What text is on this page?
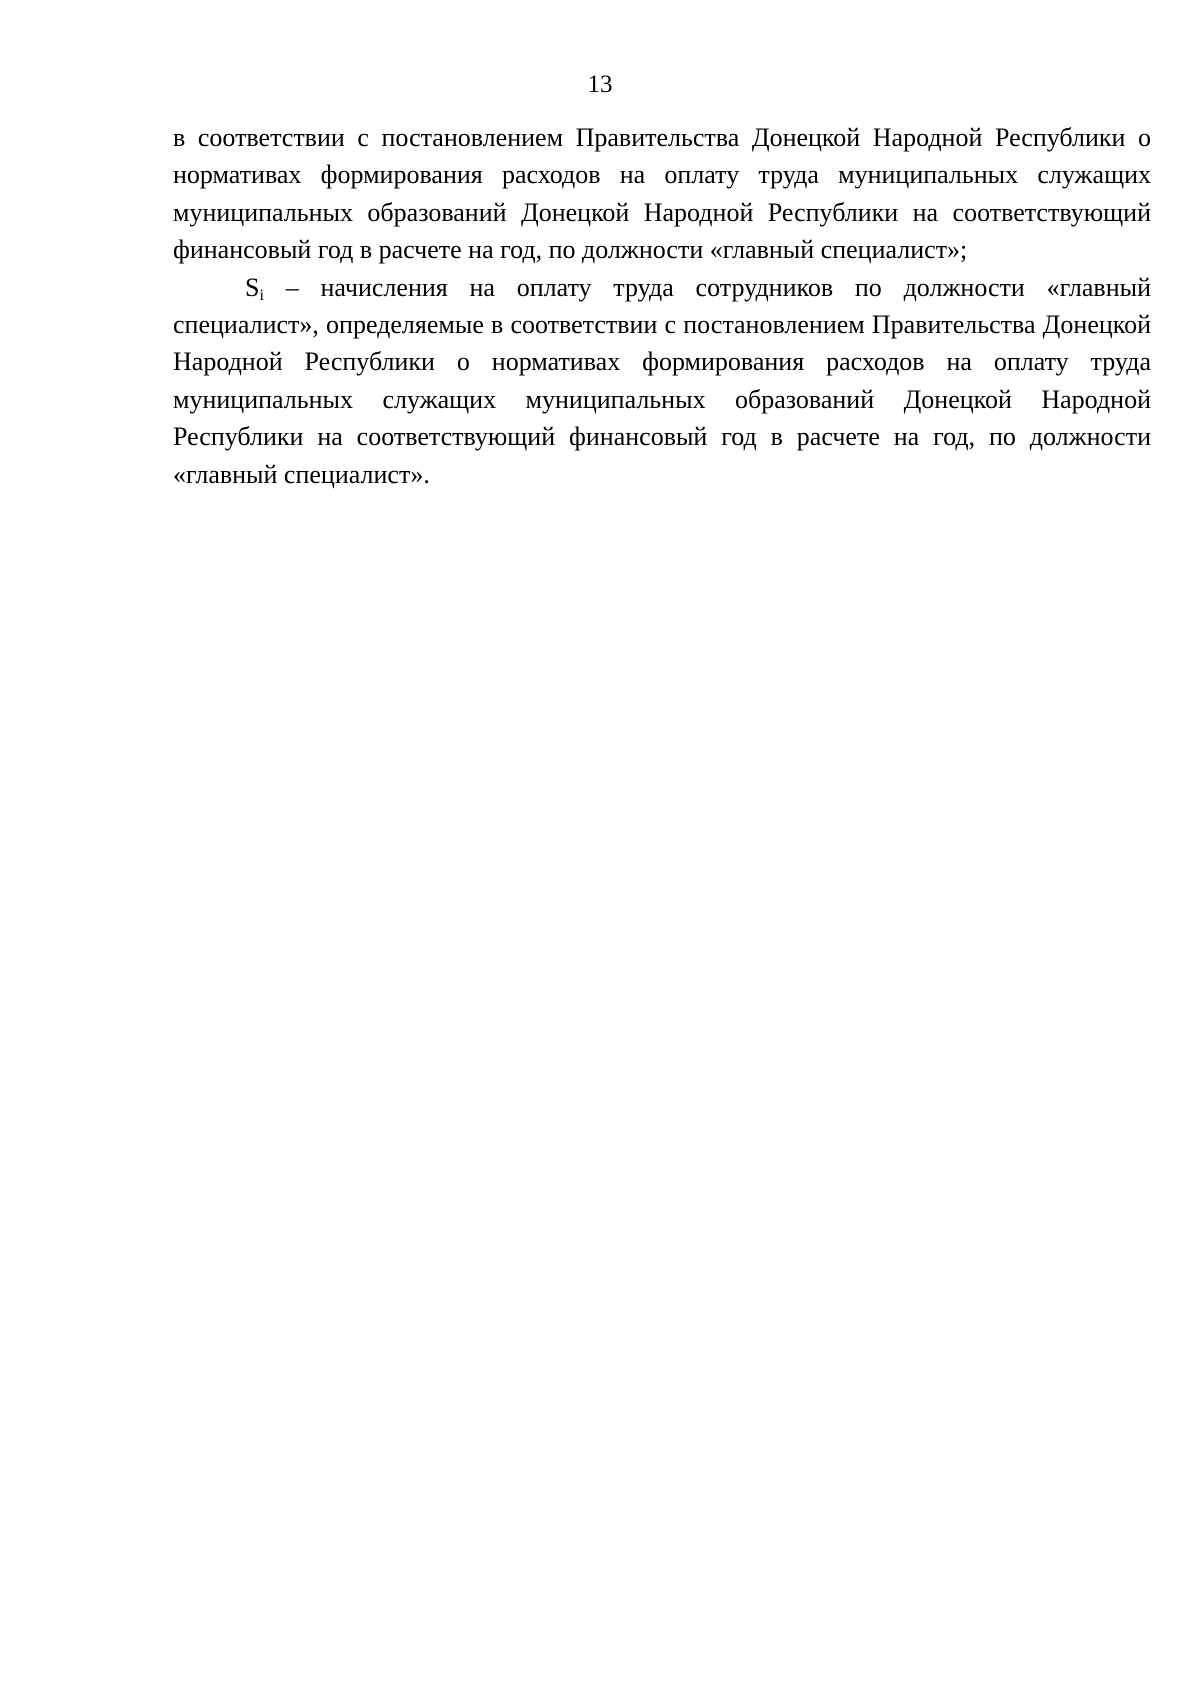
13

в соответствии с постановлением Правительства Донецкой Народной Республики о нормативах формирования расходов на оплату труда муниципальных служащих муниципальных образований Донецкой Народной Республики на соответствующий финансовый год в расчете на год, по должности «главный специалист»;

$S_i$ – начисления на оплату труда сотрудников по должности «главный специалист», определяемые в соответствии с постановлением Правительства Донецкой Народной Республики о нормативах формирования расходов на оплату труда муниципальных служащих муниципальных образований Донецкой Народной Республики на соответствующий финансовый год в расчете на год, по должности «главный специалист».
